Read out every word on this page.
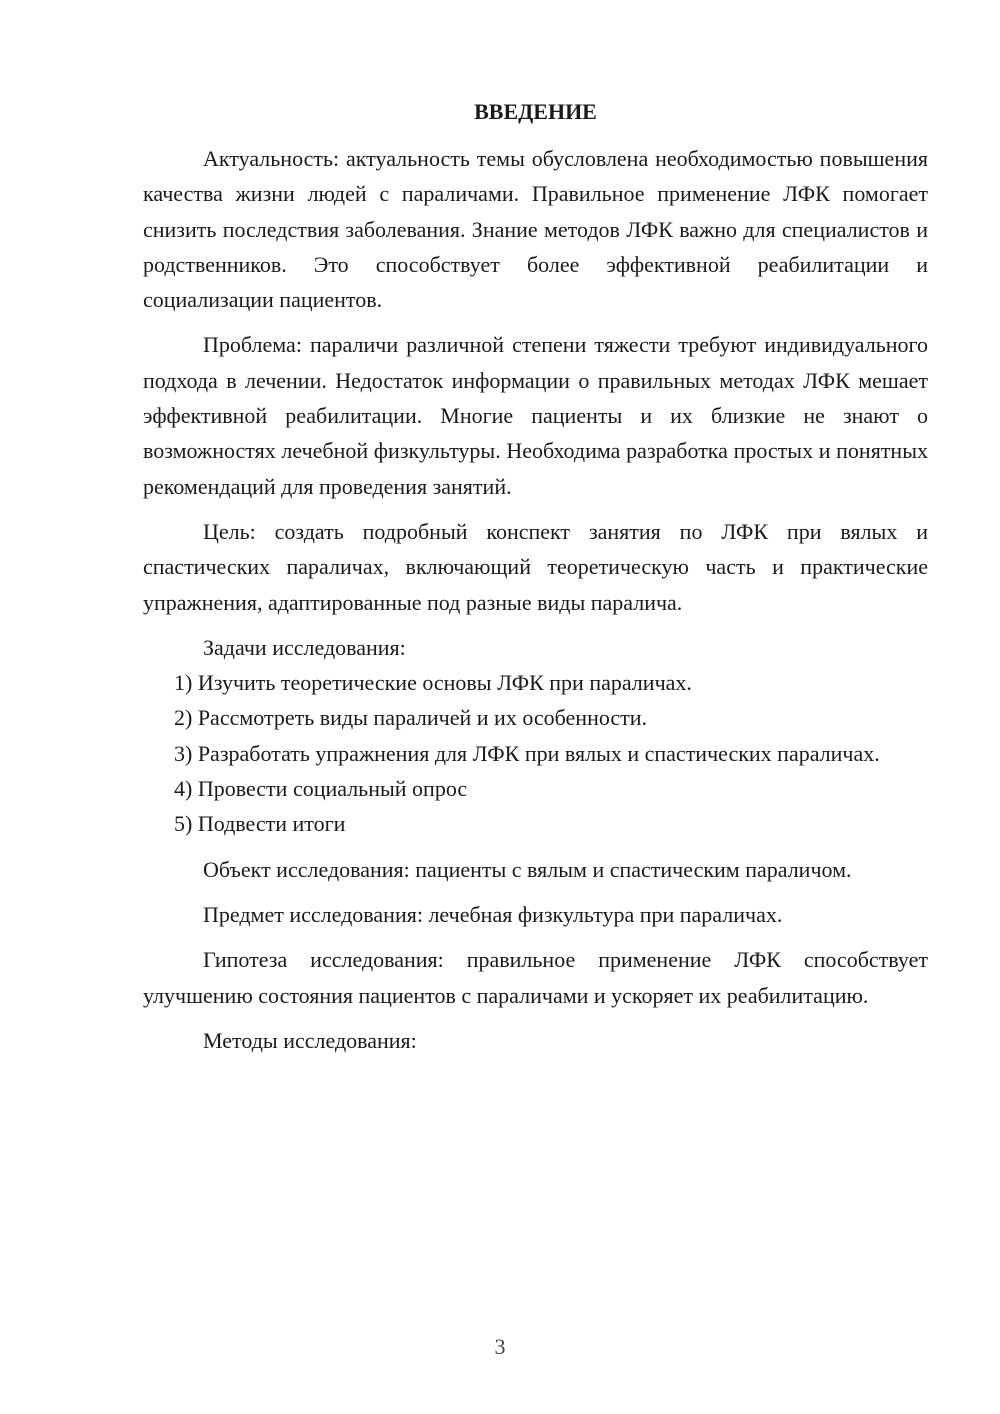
ВВЕДЕНИЕ

Актуальность: актуальность темы обусловлена необходимостью повышения качества жизни людей с параличами. Правильное применение ЛФК помогает снизить последствия заболевания. Знание методов ЛФК важно для специалистов и родственников. Это способствует более эффективной реабилитации и социализации пациентов.

Проблема: параличи различной степени тяжести требуют индивидуального подхода в лечении. Недостаток информации о правильных методах ЛФК мешает эффективной реабилитации. Многие пациенты и их близкие не знают о возможностях лечебной физкультуры. Необходима разработка простых и понятных рекомендаций для проведения занятий.

Цель: создать подробный конспект занятия по ЛФК при вялых и спастических параличах, включающий теоретическую часть и практические упражнения, адаптированные под разные виды паралича.

Задачи исследования:

1) Изучить теоретические основы ЛФК при параличах.

2) Рассмотреть виды параличей и их особенности.

3) Разработать упражнения для ЛФК при вялых и спастических параличах.

4) Провести социальный опрос

5) Подвести итоги

Объект исследования: пациенты с вялым и спастическим параличом.

Предмет исследования: лечебная физкультура при параличах.

Гипотеза исследования: правильное применение ЛФК способствует улучшению состояния пациентов с параличами и ускоряет их реабилитацию.

Методы исследования:

3
